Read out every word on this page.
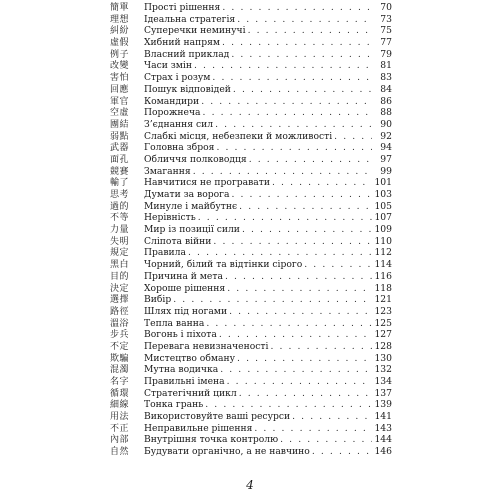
簡單	Прості рішення . . .	70
理想	Ідеальна стратегія . . .	73
糾紛	Суперечки неминучі . . .	75
虛假	Хибний напрям . . .	77
例子	Власний приклад . . .	79
改變	Часи змін . . .	81
害怕	Страх і розум . . .	83
回應	Пошук відповідей . . .	84
軍官	Командири . . .	86
空虛	Порожнеча . . .	88
團結	З’єднання сил . . .	90
弱點	Слабкі місця, небезпеки й можливості . . .	92
武器	Головна зброя . . .	94
面孔	Обличчя полководця . . .	97
競賽	Змагання . . .	99
輸了	Навчитися не програвати . . .	101
思考	Думати за ворога . . .	103
過的	Минуле і майбутнє . . .	105
不等	Нерівність . . .	107
力量	Мир із позиції сили . . .	109
失明	Сліпота війни . . .	110
規定	Правила . . .	112
黑白	Чорний, білий та відтінки сірого . . .	114
目的	Причина й мета . . .	116
決定	Хороше рішення . . .	118
選擇	Вибір . . .	121
路徑	Шлях під ногами . . .	123
溫浴	Тепла ванна . . .	125
步兵	Вогонь і піхота . . .	127
不定	Перевага невизначеності . . .	128
欺騙	Мистецтво обману . . .	130
混濁	Мутна водичка . . .	132
名字	Правильні імена . . .	134
循環	Стратегічний цикл . . .	137
細線	Тонка грань . . .	139
用法	Використовуйте ваші ресурси . . .	141
不正	Неправильне рішення . . .	143
內部	Внутрішня точка контролю . . .	144
自然	Будувати органічно, а не навчино . . .	146
4
